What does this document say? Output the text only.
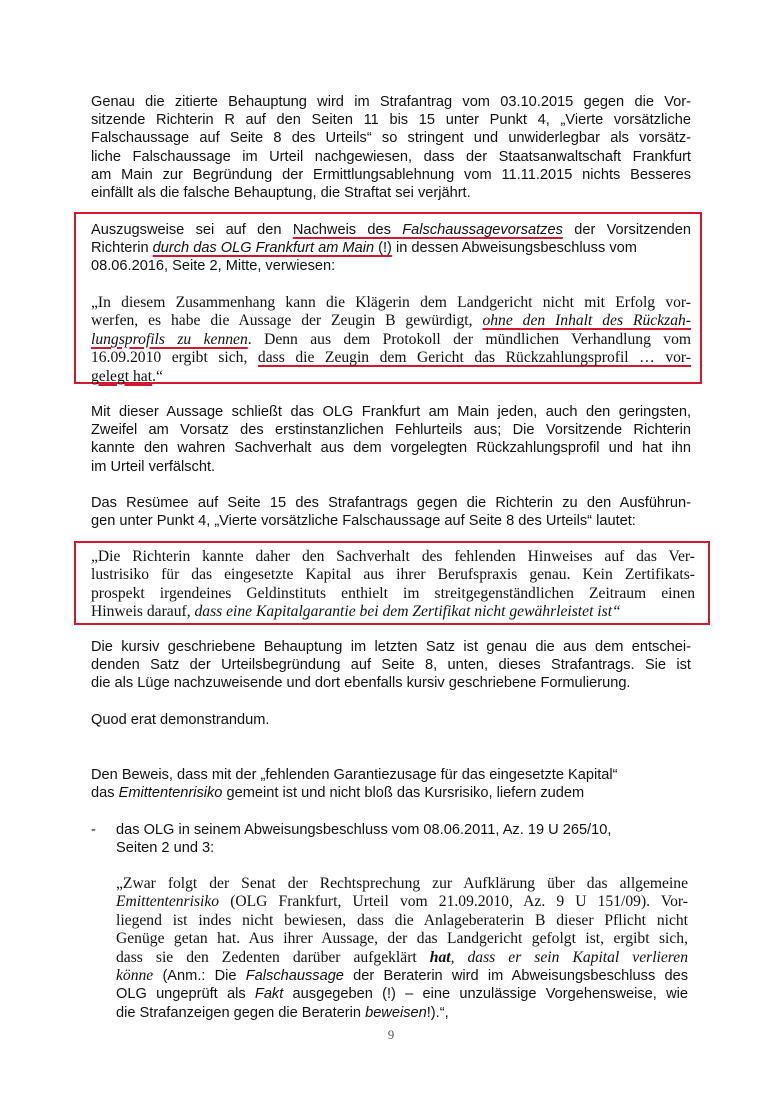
Genau die zitierte Behauptung wird im Strafantrag vom 03.10.2015 gegen die Vor-
sitzende Richterin R auf den Seiten 11 bis 15 unter Punkt 4, „Vierte vorsätzliche
Falschaussage auf Seite 8 des Urteils“ so stringent und unwiderlegbar als vorsätz-
liche Falschaussage im Urteil nachgewiesen, dass der Staatsanwaltschaft Frankfurt
am Main zur Begründung der Ermittlungsablehnung vom 11.11.2015 nichts Besseres
einfällt als die falsche Behauptung, die Straftat sei verjährt.
Auszugsweise sei auf den Nachweis des Falschaussagevorsatzes der Vorsitzenden
Richterin durch das OLG Frankfurt am Main (!) in dessen Abweisungsbeschluss vom
08.06.2016, Seite 2, Mitte, verwiesen:
„In diesem Zusammenhang kann die Klägerin dem Landgericht nicht mit Erfolg vor-
werfen, es habe die Aussage der Zeugin B gewürdigt, ohne den Inhalt des Rückzah-
lungsprofils zu kennen. Denn aus dem Protokoll der mündlichen Verhandlung vom
16.09.2010 ergibt sich, dass die Zeugin dem Gericht das Rückzahlungsprofil … vor-
gelegt hat.“
Mit dieser Aussage schließt das OLG Frankfurt am Main jeden, auch den geringsten,
Zweifel am Vorsatz des erstinstanzlichen Fehlurteils aus; Die Vorsitzende Richterin
kannte den wahren Sachverhalt aus dem vorgelegten Rückzahlungsprofil und hat ihn
im Urteil verfälscht.
Das Resümee auf Seite 15 des Strafantrags gegen die Richterin zu den Ausführun-
gen unter Punkt 4, „Vierte vorsätzliche Falschaussage auf Seite 8 des Urteils“ lautet:
„Die Richterin kannte daher den Sachverhalt des fehlenden Hinweises auf das Ver-
lustrisiko für das eingesetzte Kapital aus ihrer Berufspraxis genau. Kein Zertifikats-
prospekt irgendeines Geldinstituts enthielt im streitgegenständlichen Zeitraum einen
Hinweis darauf, dass eine Kapitalgarantie bei dem Zertifikat nicht gewährleistet ist“
Die kursiv geschriebene Behauptung im letzten Satz ist genau die aus dem entschei-
denden Satz der Urteilsbegründung auf Seite 8, unten, dieses Strafantrags. Sie ist
die als Lüge nachzuweisende und dort ebenfalls kursiv geschriebene Formulierung.
Quod erat demonstrandum.
Den Beweis, dass mit der „fehlenden Garantiezusage für das eingesetzte Kapital“
das Emittentenrisiko gemeint ist und nicht bloß das Kursrisiko, liefern zudem
- das OLG in seinem Abweisungsbeschluss vom 08.06.2011, Az. 19 U 265/10,
Seiten 2 und 3:
„Zwar folgt der Senat der Rechtsprechung zur Aufklärung über das allgemeine
Emittentenrisiko (OLG Frankfurt, Urteil vom 21.09.2010, Az. 9 U 151/09). Vor-
liegend ist indes nicht bewiesen, dass die Anlageberaterin B dieser Pflicht nicht
Genüge getan hat. Aus ihrer Aussage, der das Landgericht gefolgt ist, ergibt sich,
dass sie den Zedenten darüber aufgeklärt hat, dass er sein Kapital verlieren
könne (Anm.: Die Falschaussage der Beraterin wird im Abweisungsbeschluss des
OLG ungeprüft als Fakt ausgegeben (!) – eine unzulässige Vorgehensweise, wie
die Strafanzeigen gegen die Beraterin beweisen!).“,
9
